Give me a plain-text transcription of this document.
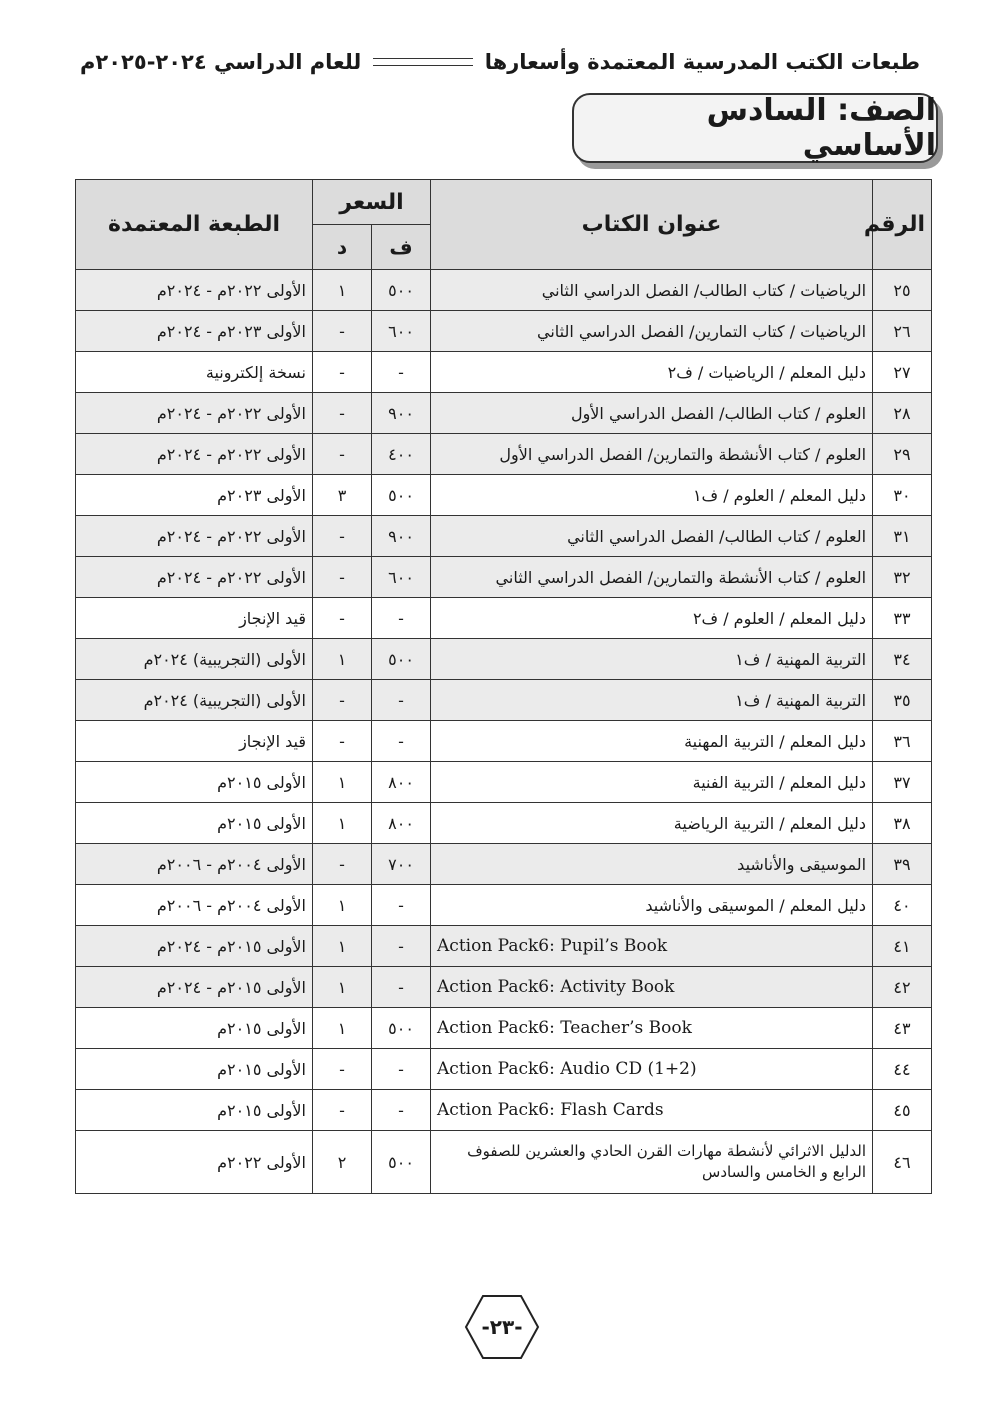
طبعات الكتب المدرسية المعتمدة وأسعارها
للعام الدراسي ٢٠٢٤-٢٠٢٥م
الصف: السادس الأساسي
الرقم	عنوان الكتاب	السعر		الطبعة المعتمدة
		ف	د	
٢٥	الرياضيات / كتاب الطالب/ الفصل الدراسي الثاني	٥٠٠	١	الأولى ٢٠٢٢م - ٢٠٢٤م
٢٦	الرياضيات / كتاب التمارين/ الفصل الدراسي الثاني	٦٠٠	-	الأولى ٢٠٢٣م - ٢٠٢٤م
٢٧	دليل المعلم / الرياضيات / ف٢	-	-	نسخة إلكترونية
٢٨	العلوم / كتاب الطالب/ الفصل الدراسي الأول	٩٠٠	-	الأولى ٢٠٢٢م - ٢٠٢٤م
٢٩	العلوم / كتاب الأنشطة والتمارين/ الفصل الدراسي الأول	٤٠٠	-	الأولى ٢٠٢٢م - ٢٠٢٤م
٣٠	دليل المعلم / العلوم / ف١	٥٠٠	٣	الأولى ٢٠٢٣م
٣١	العلوم / كتاب الطالب/ الفصل الدراسي الثاني	٩٠٠	-	الأولى ٢٠٢٢م - ٢٠٢٤م
٣٢	العلوم / كتاب الأنشطة والتمارين/ الفصل الدراسي الثاني	٦٠٠	-	الأولى ٢٠٢٢م - ٢٠٢٤م
٣٣	دليل المعلم / العلوم / ف٢	-	-	قيد الإنجاز
٣٤	التربية المهنية / ف١	٥٠٠	١	الأولى (التجريبية) ٢٠٢٤م
٣٥	التربية المهنية / ف١	-	-	الأولى (التجريبية) ٢٠٢٤م
٣٦	دليل المعلم / التربية المهنية	-	-	قيد الإنجاز
٣٧	دليل المعلم / التربية الفنية	٨٠٠	١	الأولى ٢٠١٥م
٣٨	دليل المعلم / التربية الرياضية	٨٠٠	١	الأولى ٢٠١٥م
٣٩	الموسيقى والأناشيد	٧٠٠	-	الأولى ٢٠٠٤م - ٢٠٠٦م
٤٠	دليل المعلم / الموسيقى والأناشيد	-	١	الأولى ٢٠٠٤م - ٢٠٠٦م
٤١	Action Pack6: Pupil’s Book	-	١	الأولى ٢٠١٥م - ٢٠٢٤م
٤٢	Action Pack6: Activity Book	-	١	الأولى ٢٠١٥م - ٢٠٢٤م
٤٣	Action Pack6: Teacher’s Book	٥٠٠	١	الأولى ٢٠١٥م
٤٤	Action Pack6: Audio CD (1+2)	-	-	الأولى ٢٠١٥م
٤٥	Action Pack6: Flash Cards	-	-	الأولى ٢٠١٥م
٤٦	الدليل الاثرائي لأنشطة مهارات القرن الحادي والعشرين للصفوف الرابع و الخامس والسادس	٥٠٠	٢	الأولى ٢٠٢٢م
-٢٣-
